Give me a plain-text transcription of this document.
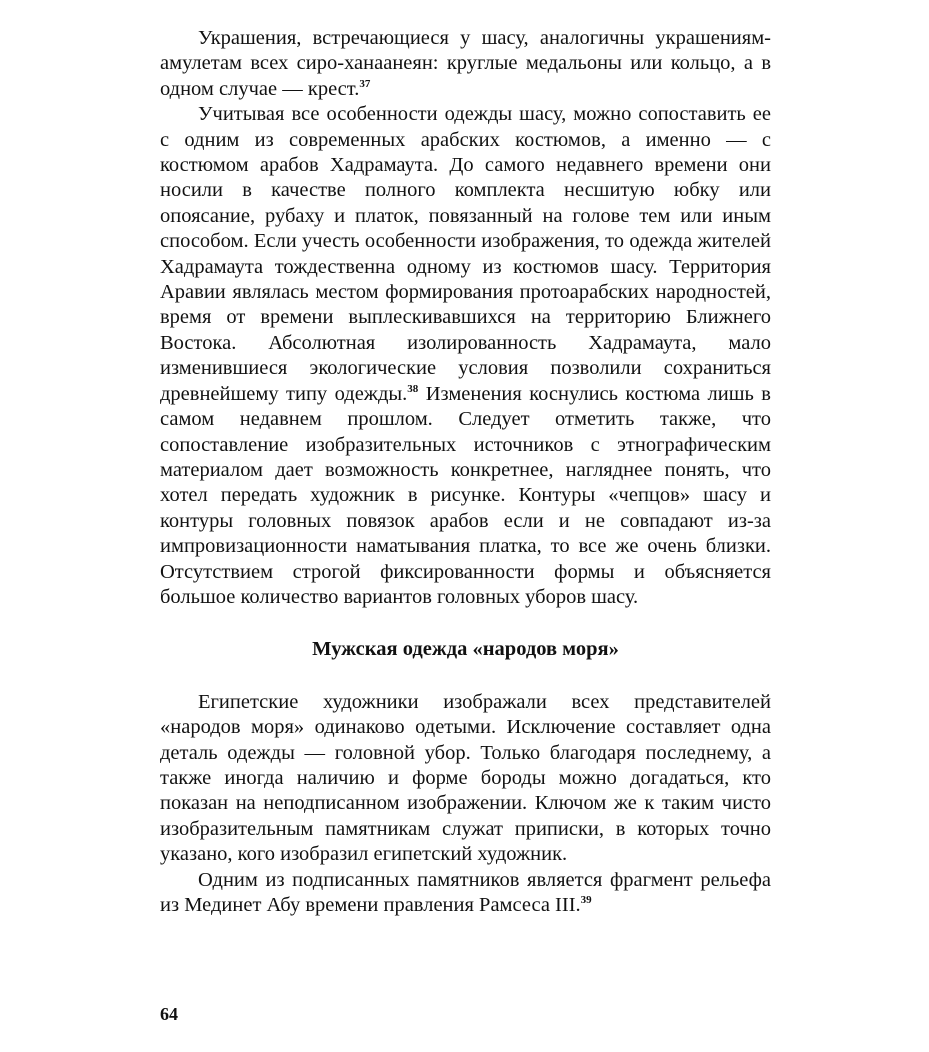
Украшения, встречающиеся у шасу, аналогичны украшениям-амулетам всех сиро-ханаанеян: круглые медальоны или кольцо, а в одном случае — крест.$^{37}$

Учитывая все особенности одежды шасу, можно сопоставить ее с одним из современных арабских костюмов, а именно — с костюмом арабов Хадрамаута. До самого недавнего времени они носили в качестве полного комплекта несшитую юбку или опоясание, рубаху и платок, повязанный на голове тем или иным способом. Если учесть особенности изображения, то одежда жителей Хадрамаута тождественна одному из костюмов шасу. Территория Аравии являлась местом формирования протоарабских народностей, время от времени выплескивавшихся на территорию Ближнего Востока. Абсолютная изолированность Хадрамаута, мало изменившиеся экологические условия позволили сохраниться древнейшему типу одежды.$^{38}$ Изменения коснулись костюма лишь в самом недавнем прошлом. Следует отметить также, что сопоставление изобразительных источников с этнографическим материалом дает возможность конкретнее, нагляднее понять, что хотел передать художник в рисунке. Контуры «чепцов» шасу и контуры головных повязок арабов если и не совпадают из-за импровизационности наматывания платка, то все же очень близки. Отсутствием строгой фиксированности формы и объясняется большое количество вариантов головных уборов шасу.

Мужская одежда «народов моря»

Египетские художники изображали всех представителей «народов моря» одинаково одетыми. Исключение составляет одна деталь одежды — головной убор. Только благодаря последнему, а также иногда наличию и форме бороды можно догадаться, кто показан на неподписанном изображении. Ключом же к таким чисто изобразительным памятникам служат приписки, в которых точно указано, кого изобразил египетский художник.

Одним из подписанных памятников является фрагмент рельефа из Мединет Абу времени правления Рамсеса III.$^{39}$

64
